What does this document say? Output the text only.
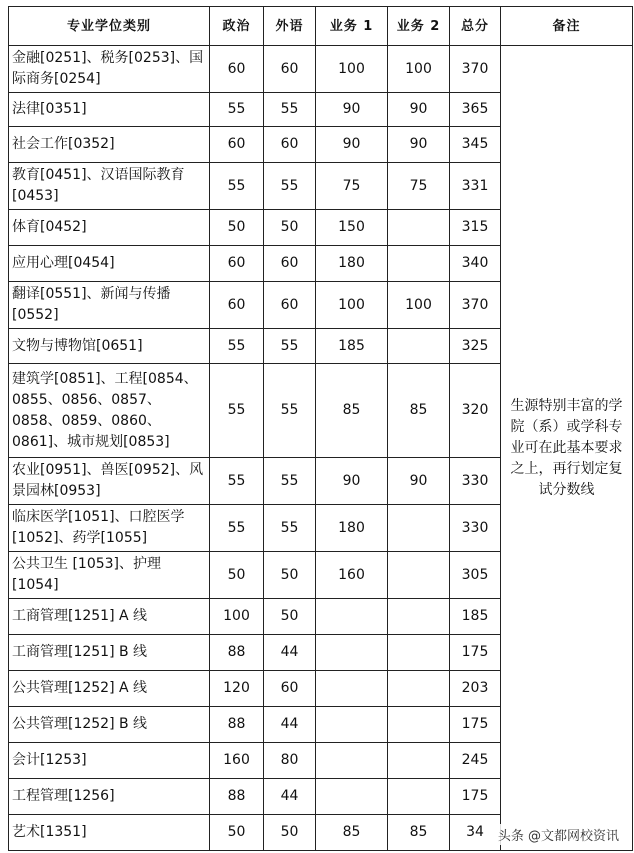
专业学位类别	政治	外语	业务 1	业务 2	总分	备注
金融[0251]、税务[0253]、国际商务[0254]	60	60	100	100	370	生源特别丰富的学院（系）或学科专业可在此基本要求之上，再行划定复试分数线
法律[0351]	55	55	90	90	365	
社会工作[0352]	60	60	90	90	345	
教育[0451]、汉语国际教育[0453]	55	55	75	75	331	
体育[0452]	50	50	150		315	
应用心理[0454]	60	60	180		340	
翻译[0551]、新闻与传播[0552]	60	60	100	100	370	
文物与博物馆[0651]	55	55	185		325	
建筑学[0851]、工程[0854、0855、0856、0857、0858、0859、0860、0861]、城市规划[0853]	55	55	85	85	320	
农业[0951]、兽医[0952]、风景园林[0953]	55	55	90	90	330	
临床医学[1051]、口腔医学[1052]、药学[1055]	55	55	180		330	
公共卫生 [1053]、护理[1054]	50	50	160		305	
工商管理[1251] A 线	100	50			185	
工商管理[1251] B 线	88	44			175	
公共管理[1252] A 线	120	60			203	
公共管理[1252] B 线	88	44			175	
会计[1253]	160	80			245	
工程管理[1256]	88	44			175	
艺术[1351]	50	50	85	85	34	头条 @文都网校资讯
